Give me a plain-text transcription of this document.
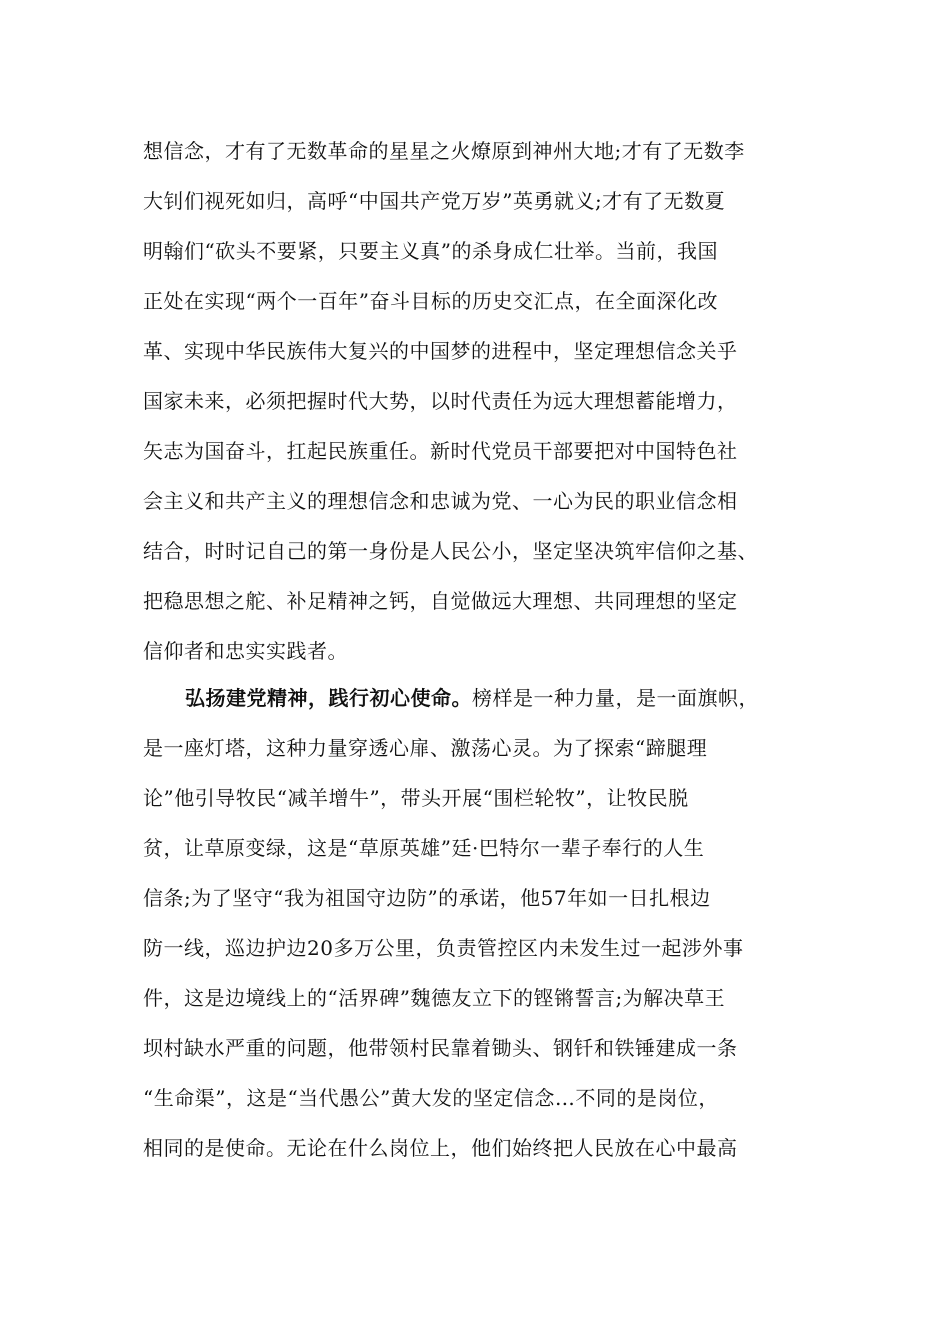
想信念，才有了无数革命的星星之火燎原到神州大地;才有了无数李
大钊们视死如归，高呼“中国共产党万岁”英勇就义;才有了无数夏
明翰们“砍头不要紧，只要主义真”的杀身成仁壮举。当前，我国
正处在实现“两个一百年”奋斗目标的历史交汇点，在全面深化改
革、实现中华民族伟大复兴的中国梦的进程中，坚定理想信念关乎
国家未来，必须把握时代大势，以时代责任为远大理想蓄能增力，
矢志为国奋斗，扛起民族重任。新时代党员干部要把对中国特色社
会主义和共产主义的理想信念和忠诚为党、一心为民的职业信念相
结合，时时记自己的第一身份是人民公小，坚定坚决筑牢信仰之基、
把稳思想之舵、补足精神之钙，自觉做远大理想、共同理想的坚定
信仰者和忠实实践者。
弘扬建党精神，践行初心使命。榜样是一种力量，是一面旗帜，
是一座灯塔，这种力量穿透心扉、激荡心灵。为了探索“蹄腿理
论”他引导牧民“减羊增牛”，带头开展“围栏轮牧”，让牧民脱
贫，让草原变绿，这是“草原英雄”廷·巴特尔一辈子奉行的人生
信条;为了坚守“我为祖国守边防”的承诺，他57年如一日扎根边
防一线，巡边护边20多万公里，负责管控区内未发生过一起涉外事
件，这是边境线上的“活界碑”魏德友立下的铿锵誓言;为解决草王
坝村缺水严重的问题，他带领村民靠着锄头、钢钎和铁锤建成一条
“生命渠”，这是“当代愚公”黄大发的坚定信念…不同的是岗位，
相同的是使命。无论在什么岗位上，他们始终把人民放在心中最高
